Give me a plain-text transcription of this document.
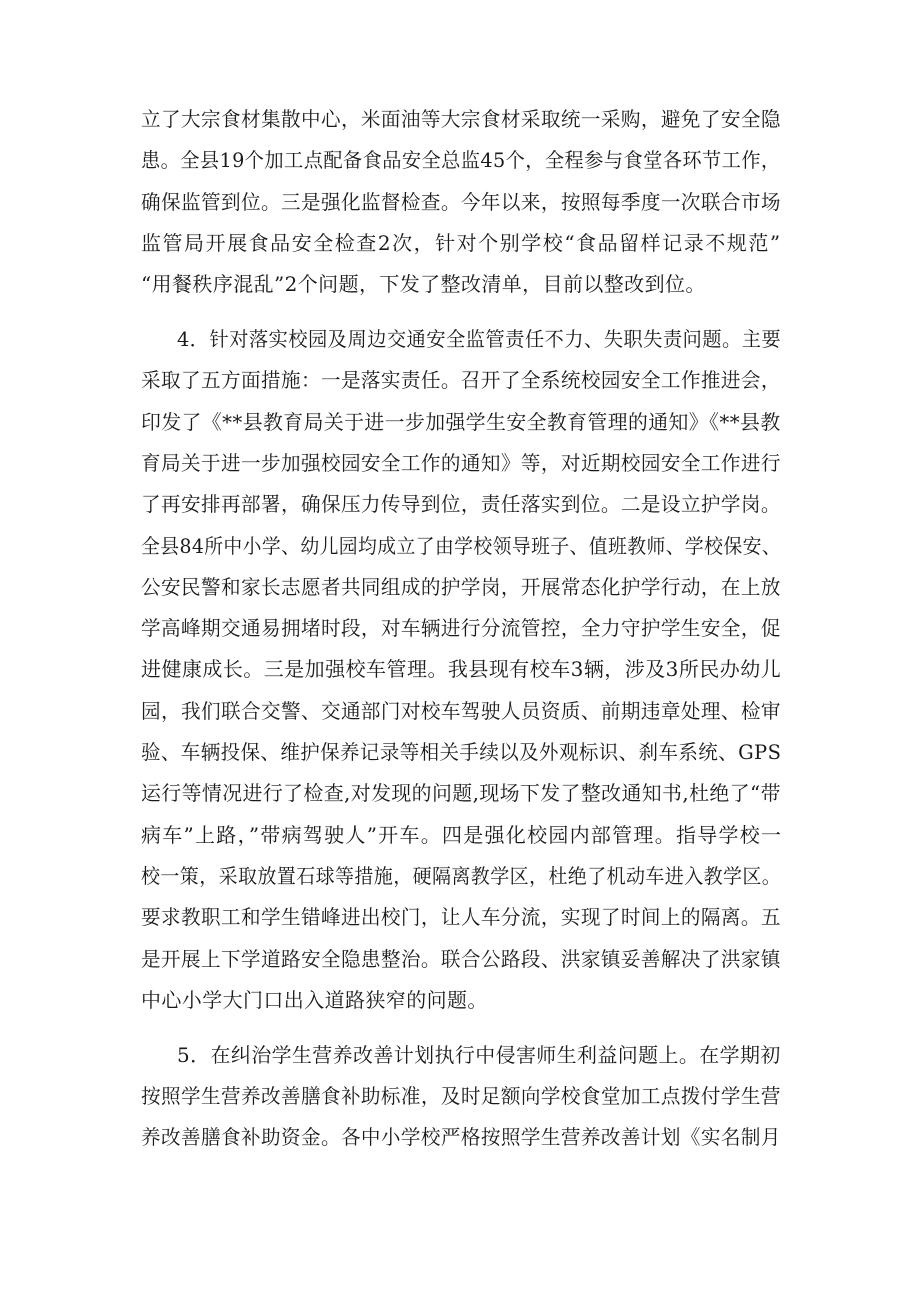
立了大宗食材集散中心，米面油等大宗食材采取统一采购，避免了安全隐
患。全县19个加工点配备食品安全总监45个，全程参与食堂各环节工作，
确保监管到位。三是强化监督检查。今年以来，按照每季度一次联合市场
监管局开展食品安全检查2次，针对个别学校“食品留样记录不规范”
“用餐秩序混乱”2个问题，下发了整改清单，目前以整改到位。
4．针对落实校园及周边交通安全监管责任不力、失职失责问题。主要
采取了五方面措施：一是落实责任。召开了全系统校园安全工作推进会，
印发了《**县教育局关于进一步加强学生安全教育管理的通知》《**县教
育局关于进一步加强校园安全工作的通知》等，对近期校园安全工作进行
了再安排再部署，确保压力传导到位，责任落实到位。二是设立护学岗。
全县84所中小学、幼儿园均成立了由学校领导班子、值班教师、学校保安、
公安民警和家长志愿者共同组成的护学岗，开展常态化护学行动，在上放
学高峰期交通易拥堵时段，对车辆进行分流管控，全力守护学生安全，促
进健康成长。三是加强校车管理。我县现有校车3辆，涉及3所民办幼儿
园，我们联合交警、交通部门对校车驾驶人员资质、前期违章处理、检审
验、车辆投保、维护保养记录等相关手续以及外观标识、刹车系统、GPS
运行等情况进行了检查,对发现的问题,现场下发了整改通知书,杜绝了“带
病车”上路，”带病驾驶人”开车。四是强化校园内部管理。指导学校一
校一策，采取放置石球等措施，硬隔离教学区，杜绝了机动车进入教学区。
要求教职工和学生错峰进出校门，让人车分流，实现了时间上的隔离。五
是开展上下学道路安全隐患整治。联合公路段、洪家镇妥善解决了洪家镇
中心小学大门口出入道路狭窄的问题。
5．在纠治学生营养改善计划执行中侵害师生利益问题上。在学期初
按照学生营养改善膳食补助标准，及时足额向学校食堂加工点拨付学生营
养改善膳食补助资金。各中小学校严格按照学生营养改善计划《实名制月
